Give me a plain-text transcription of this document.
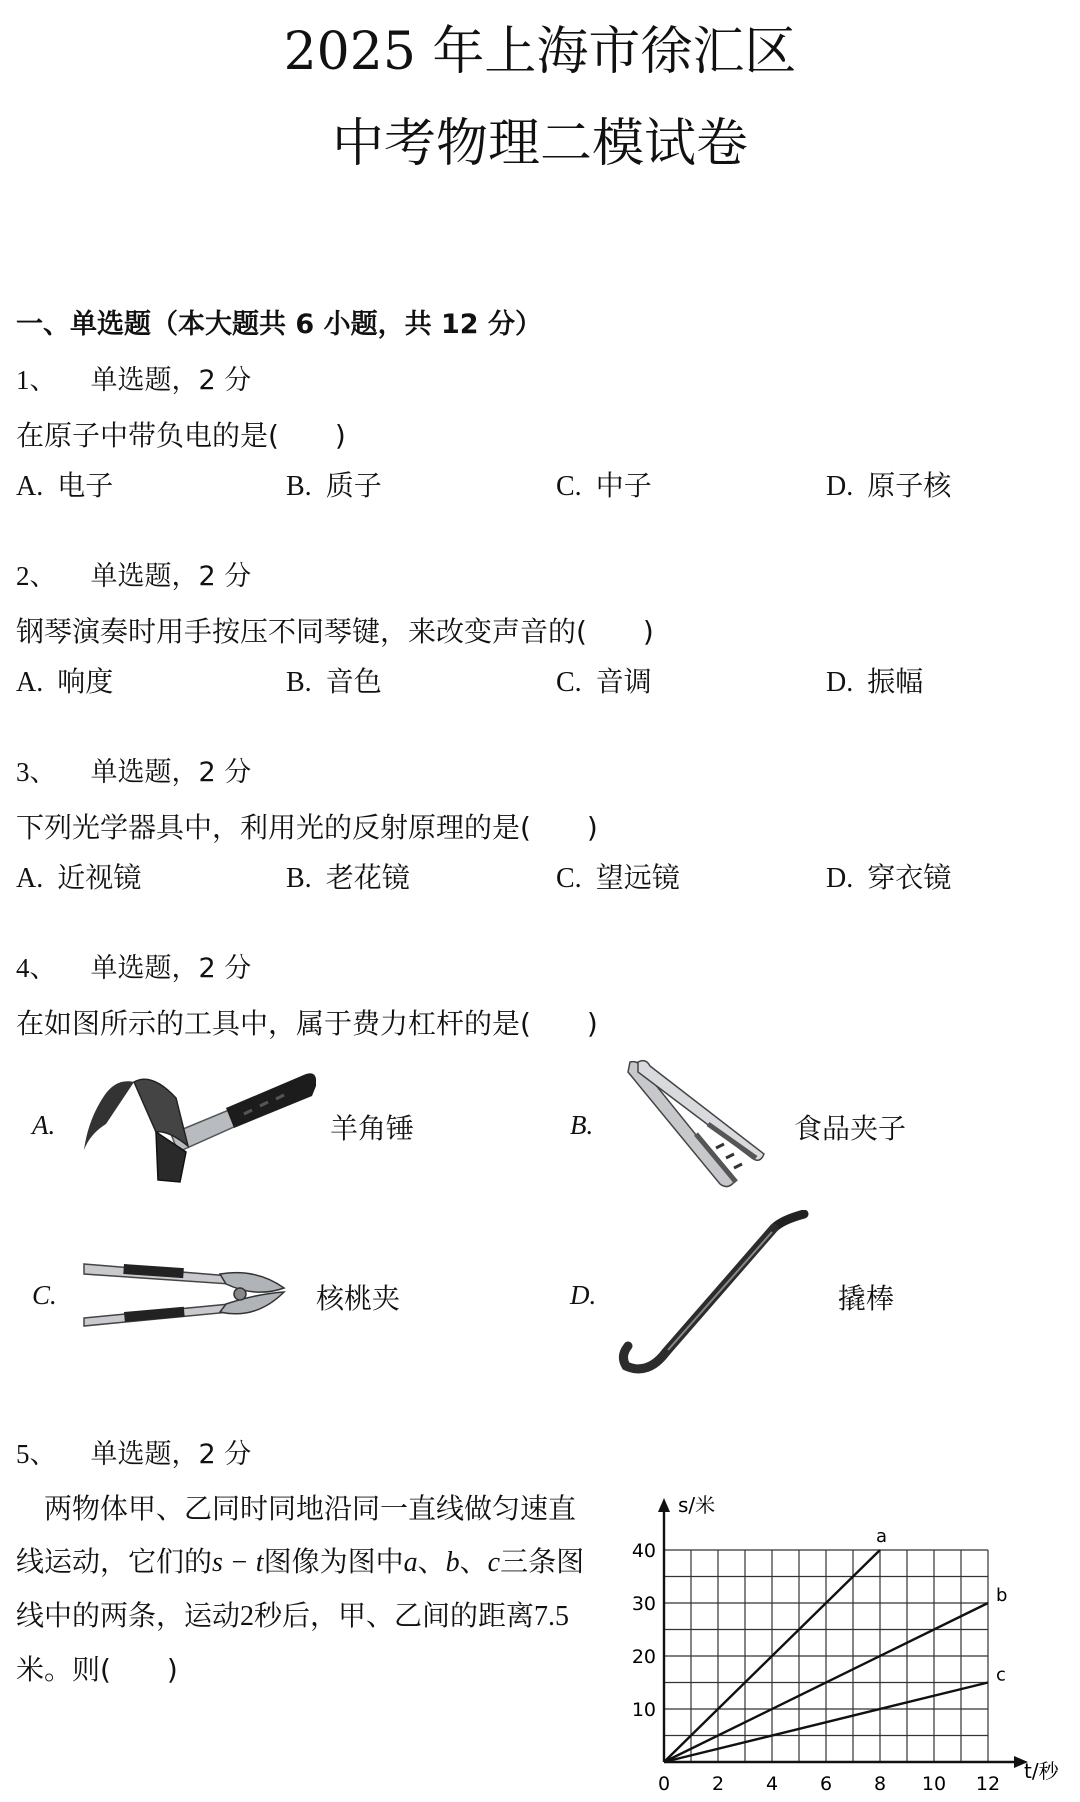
2025 年上海市徐汇区
中考物理二模试卷
一、单选题（本大题共 6 小题，共 12 分）
1、 单选题，2 分
在原子中带负电的是(　　)
A. 电子	B. 质子	C. 中子	D. 原子核
2、 单选题，2 分
钢琴演奏时用手按压不同琴键，来改变声音的(　　)
A. 响度	B. 音色	C. 音调	D. 振幅
3、 单选题，2 分
下列光学器具中，利用光的反射原理的是(　　)
A. 近视镜	B. 老花镜	C. 望远镜	D. 穿衣镜
4、 单选题，2 分
在如图所示的工具中，属于费力杠杆的是(　　)
A.	羊角锤	B.	食品夹子
C.	核桃夹	D.	撬棒
5、 单选题，2 分
两物体甲、乙同时同地沿同一直线做匀速直线运动，它们的s − t图像为图中a、b、c三条图线中的两条，运动2秒后，甲、乙间的距离7.5米。则(　　)
a
b
c
0 2 4 6 8 10 12
10
20
30
40
s/米
t/秒
